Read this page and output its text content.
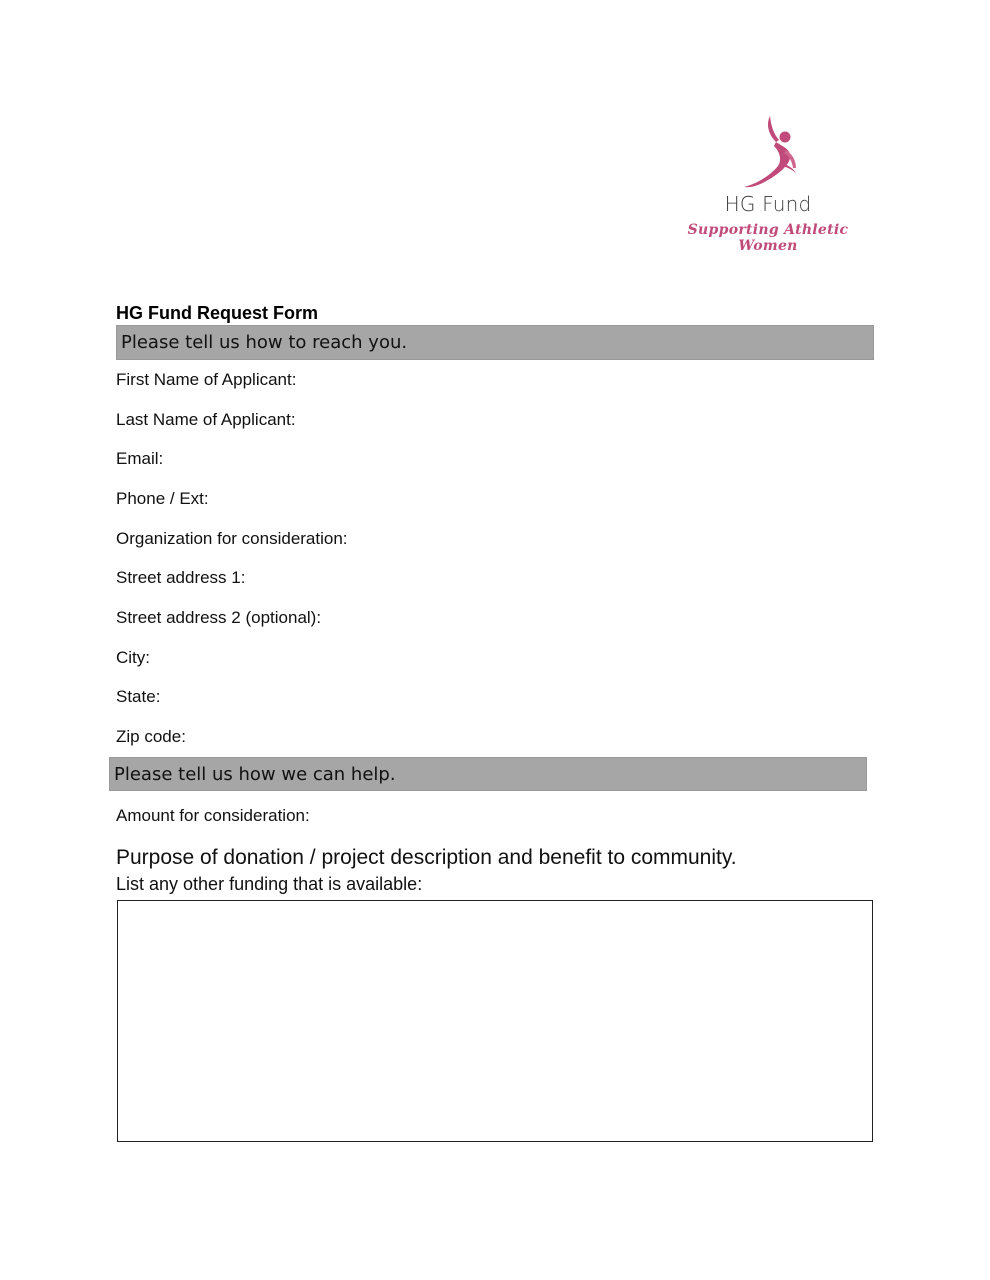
HG Fund
Supporting Athletic Women
HG Fund Request Form
Please tell us how to reach you.
First Name of Applicant:
Last Name of Applicant:
Email:
Phone / Ext:
Organization for consideration:
Street address 1:
Street address 2 (optional):
City:
State:
Zip code:
Please tell us how we can help.
Amount for consideration:
Purpose of donation / project description and benefit to community.
List any other funding that is available:
